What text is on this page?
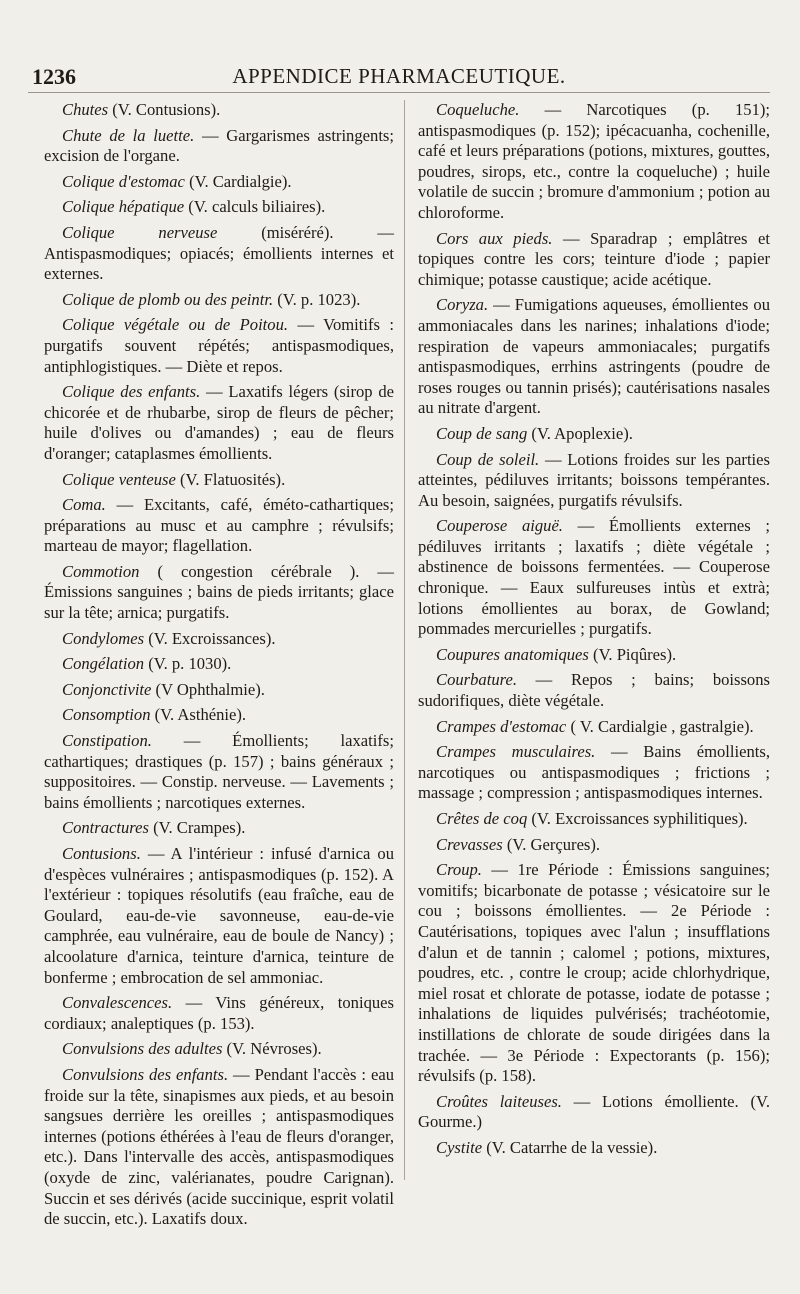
1236	APPENDICE PHARMACEUTIQUE.

Chutes (V. Contusions).

Chute de la luette. — Gargarismes astringents; excision de l'organe.

Colique d'estomac (V. Cardialgie).

Colique hépatique (V. calculs biliaires).

Colique nerveuse (miséréré). — Antispasmodiques; opiacés; émollients internes et externes.

Colique de plomb ou des peintr. (V. p. 1023).

Colique végétale ou de Poitou. — Vomitifs : purgatifs souvent répétés; antispasmodiques, antiphlogistiques. — Diète et repos.

Colique des enfants. — Laxatifs légers (sirop de chicorée et de rhubarbe, sirop de fleurs de pêcher; huile d'olives ou d'amandes) ; eau de fleurs d'oranger; cataplasmes émollients.

Colique venteuse (V. Flatuosités).

Coma. — Excitants, café, éméto-cathartiques; préparations au musc et au camphre ; révulsifs; marteau de mayor; flagellation.

Commotion ( congestion cérébrale ). — Émissions sanguines ; bains de pieds irritants; glace sur la tête; arnica; purgatifs.

Condylomes (V. Excroissances).

Congélation (V. p. 1030).

Conjonctivite (V Ophthalmie).

Consomption (V. Asthénie).

Constipation. — Émollients; laxatifs; cathartiques; drastiques (p. 157) ; bains généraux ; suppositoires. — Constip. nerveuse. — Lavements ; bains émollients ; narcotiques externes.

Contractures (V. Crampes).

Contusions. — A l'intérieur : infusé d'arnica ou d'espèces vulnéraires ; antispasmodiques (p. 152). A l'extérieur : topiques résolutifs (eau fraîche, eau de Goulard, eau-de-vie savonneuse, eau-de-vie camphrée, eau vulnéraire, eau de boule de Nancy) ; alcoolature d'arnica, teinture d'arnica, teinture de bonferme ; embrocation de sel ammoniac.

Convalescences. — Vins généreux, toniques cordiaux; analeptiques (p. 153).

Convulsions des adultes (V. Névroses).

Convulsions des enfants. — Pendant l'accès : eau froide sur la tête, sinapismes aux pieds, et au besoin sangsues derrière les oreilles ; antispasmodiques internes (potions éthérées à l'eau de fleurs d'oranger, etc.). Dans l'intervalle des accès, antispasmodiques (oxyde de zinc, valérianates, poudre Carignan). Succin et ses dérivés (acide succinique, esprit volatil de succin, etc.). Laxatifs doux.

Coqueluche. — Narcotiques (p. 151); antispasmodiques (p. 152); ipécacuanha, cochenille, café et leurs préparations (potions, mixtures, gouttes, poudres, sirops, etc., contre la coqueluche) ; huile volatile de succin ; bromure d'ammonium ; potion au chloroforme.

Cors aux pieds. — Sparadrap ; emplâtres et topiques contre les cors; teinture d'iode ; papier chimique; potasse caustique; acide acétique.

Coryza. — Fumigations aqueuses, émollientes ou ammoniacales dans les narines; inhalations d'iode; respiration de vapeurs ammoniacales; purgatifs antispasmodiques, errhins astringents (poudre de roses rouges ou tannin prisés); cautérisations nasales au nitrate d'argent.

Coup de sang (V. Apoplexie).

Coup de soleil. — Lotions froides sur les parties atteintes, pédiluves irritants; boissons tempérantes. Au besoin, saignées, purgatifs révulsifs.

Couperose aiguë. — Émollients externes ; pédiluves irritants ; laxatifs ; diète végétale ; abstinence de boissons fermentées. — Couperose chronique. — Eaux sulfureuses intùs et extrà; lotions émollientes au borax, de Gowland; pommades mercurielles ; purgatifs.

Coupures anatomiques (V. Piqûres).

Courbature. — Repos ; bains; boissons sudorifiques, diète végétale.

Crampes d'estomac ( V. Cardialgie , gastralgie).

Crampes musculaires. — Bains émollients, narcotiques ou antispasmodiques ; frictions ; massage ; compression ; antispasmodiques internes.

Crêtes de coq (V. Excroissances syphilitiques).

Crevasses (V. Gerçures).

Croup. — 1re Période : Émissions sanguines; vomitifs; bicarbonate de potasse ; vésicatoire sur le cou ; boissons émollientes. — 2e Période : Cautérisations, topiques avec l'alun ; insufflations d'alun et de tannin ; calomel ; potions, mixtures, poudres, etc. , contre le croup; acide chlorhydrique, miel rosat et chlorate de potasse, iodate de potasse ; inhalations de liquides pulvérisés; trachéotomie, instillations de chlorate de soude dirigées dans la trachée. — 3e Période : Expectorants (p. 156); révulsifs (p. 158).

Croûtes laiteuses. — Lotions émolliente. (V. Gourme.)

Cystite (V. Catarrhe de la vessie).
